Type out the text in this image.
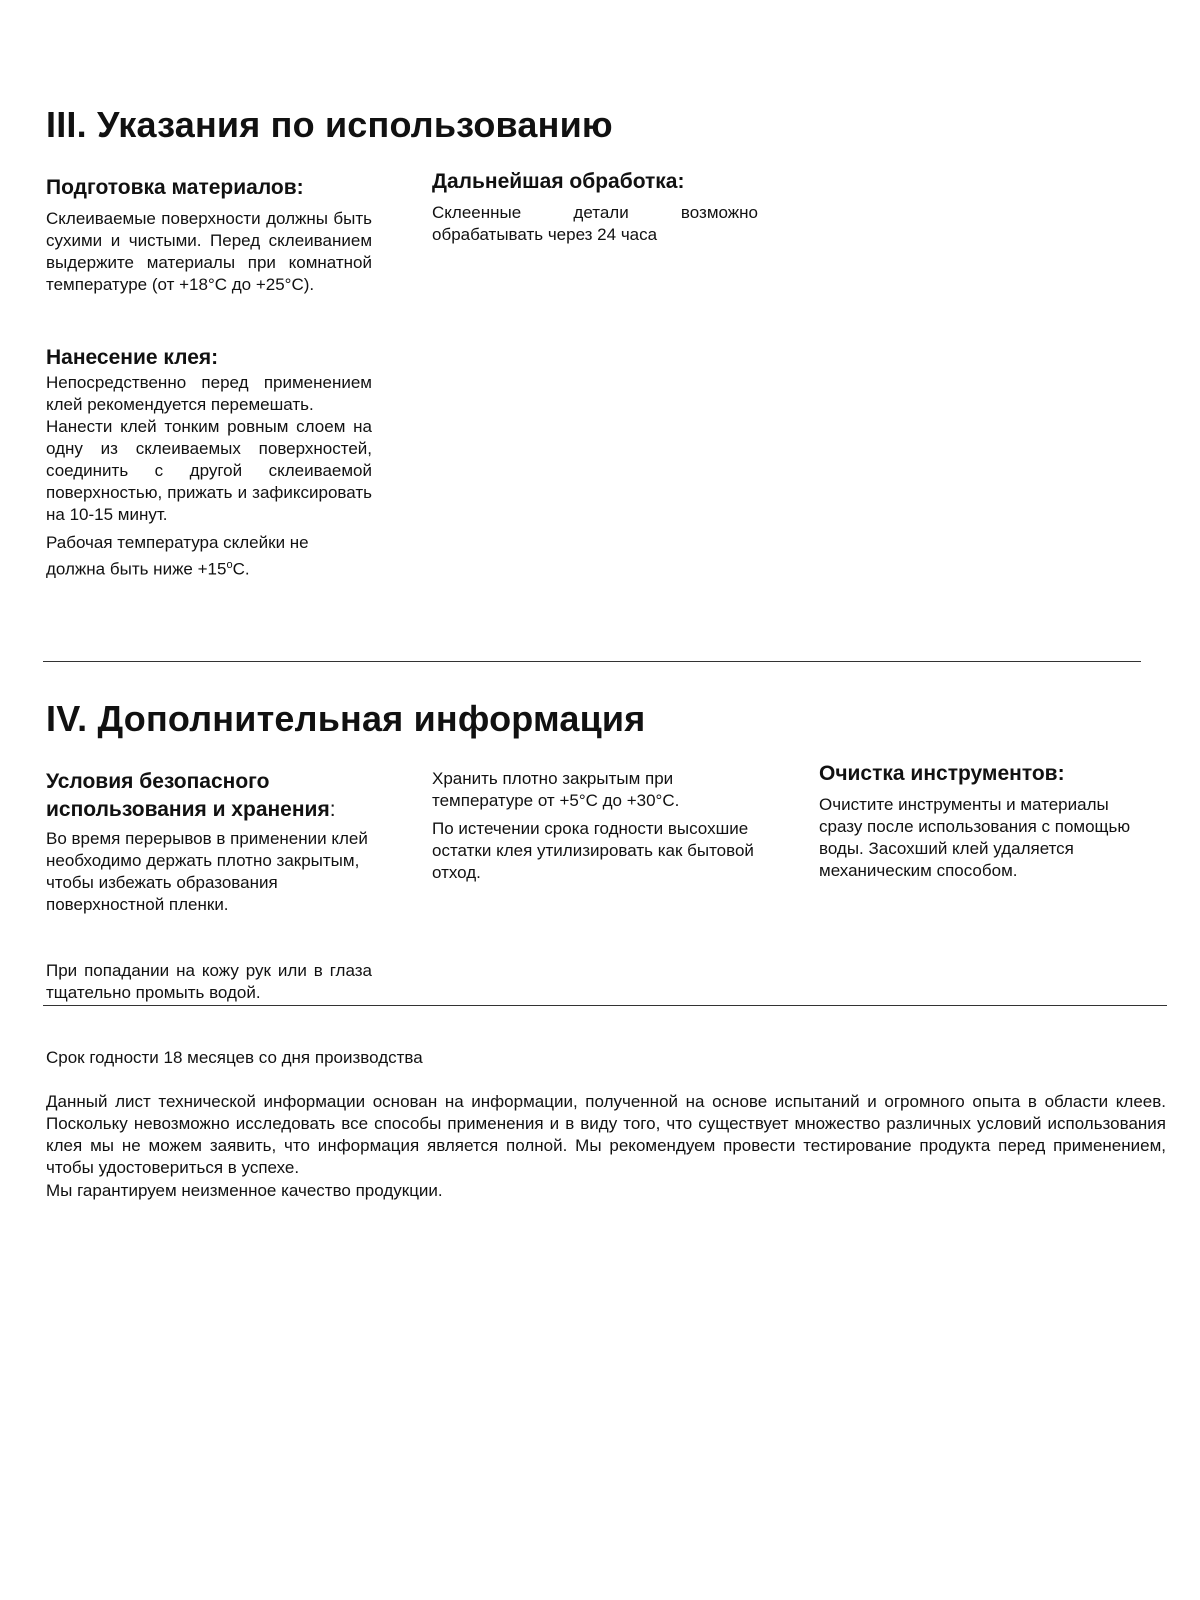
III. Указания по использованию
Подготовка материалов:

Склеиваемые поверхности должны быть сухими и чистыми. Перед склеиванием выдержите материалы при комнатной температуре (от +18°C до +25°C).

Нанесение клея:

Непосредственно перед применением клей рекомендуется перемешать.

Нанести клей тонким ровным слоем на одну из склеиваемых поверхностей, соединить с другой склеиваемой поверхностью, прижать и зафиксировать на 10-15 минут.

Рабочая температура склейки не должна быть ниже $+15^oС$.

Дальнейшая обработка:

Склеенные детали возможно обрабатывать через 24 часа

IV. Дополнительная информация
Условия безопасного использования и хранения:

Во время перерывов в применении клей необходимо держать плотно закрытым, чтобы избежать образования поверхностной пленки.

При попадании на кожу рук или в глаза тщательно промыть водой.

Хранить плотно закрытым при температуре от +5°C до +30°C.

По истечении срока годности высохшие остатки клея утилизировать как бытовой отход.

Очистка инструментов:

Очистите инструменты и материалы сразу после использования с помощью воды. Засохший клей удаляется механическим способом.

Срок годности 18 месяцев со дня производства

Данный лист технической информации основан на информации, полученной на основе испытаний и огромного опыта в области клеев. Поскольку невозможно исследовать все способы применения и в виду того, что существует множество различных условий использования клея мы не можем заявить, что информация является полной. Мы рекомендуем провести тестирование продукта перед применением, чтобы удостовериться в успехе.

Мы гарантируем неизменное качество продукции.
